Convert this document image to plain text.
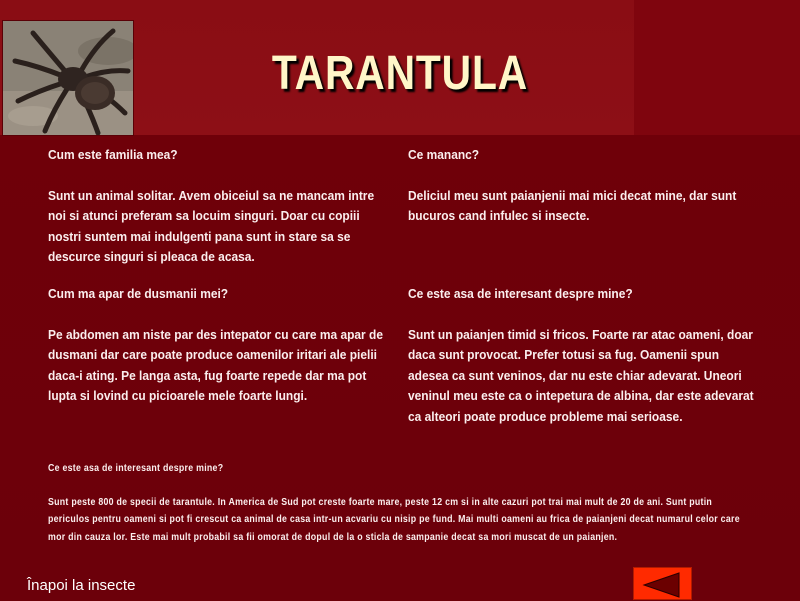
TARANTULA
Cum este familia mea?
Sunt un animal solitar. Avem obiceiul sa ne mancam intre noi si atunci preferam sa locuim singuri. Doar cu copiii nostri suntem mai indulgenti pana sunt in stare sa se descurce singuri si pleaca de acasa.
Ce mananc?
Deliciul meu sunt paianjenii mai mici decat mine, dar sunt bucuros cand infulec si insecte.
Cum ma apar de dusmanii mei?
Pe abdomen am niste par des intepator cu care ma apar de dusmani dar care poate produce oamenilor iritari ale pielii daca-i ating. Pe langa asta, fug foarte repede dar ma pot lupta si lovind cu picioarele mele foarte lungi.
Ce este asa de interesant despre mine?
Sunt un paianjen timid si fricos. Foarte rar atac oameni, doar daca sunt provocat. Prefer totusi sa fug. Oamenii spun adesea ca sunt veninos, dar nu este chiar adevarat. Uneori veninul meu este ca o intepetura de albina, dar este adevarat ca alteori poate produce probleme mai serioase.
Ce este asa de interesant despre mine?
Sunt peste 800 de specii de tarantule. In America de Sud pot creste foarte mare, peste 12 cm si in alte cazuri pot trai mai mult de 20 de ani. Sunt putin periculos pentru oameni si pot fi crescut ca animal de casa intr-un acvariu cu nisip pe fund. Mai multi oameni au frica de paianjeni decat numarul celor care mor din cauza lor. Este mai mult probabil sa fii omorat de dopul de la o sticla de sampanie decat sa mori muscat de un paianjen.
Înapoi la insecte
